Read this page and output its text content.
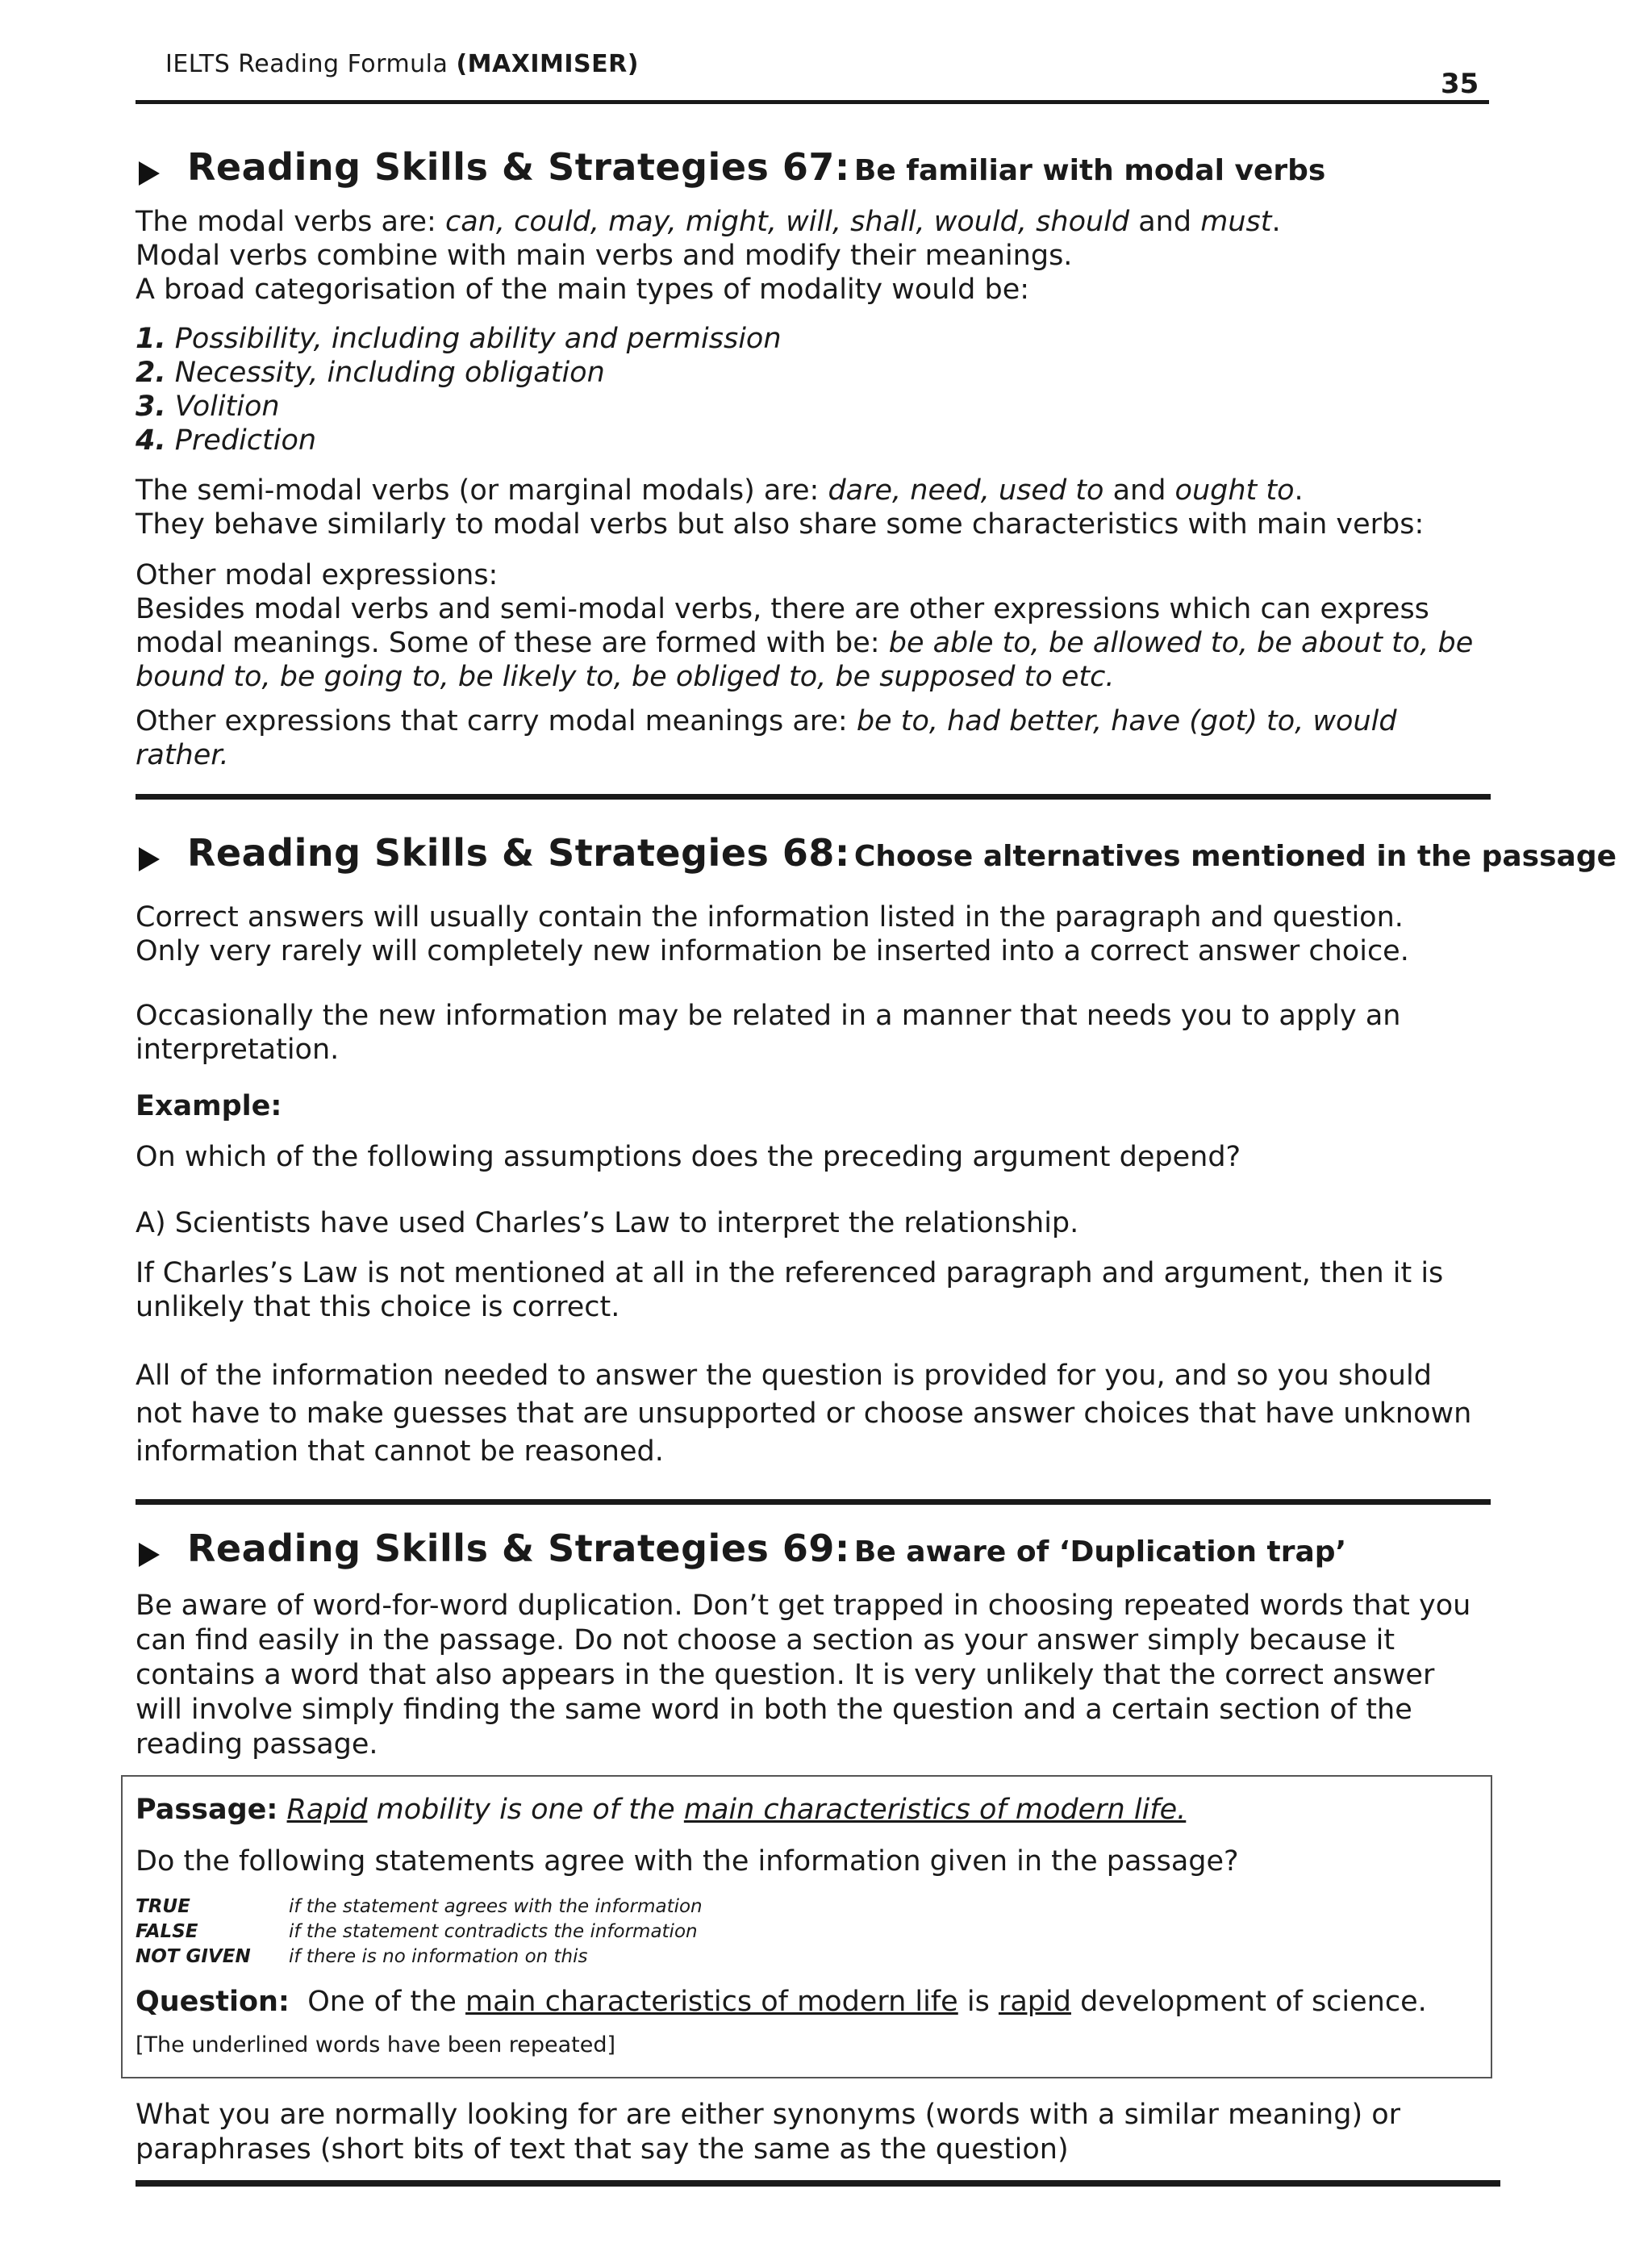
IELTS Reading Formula (MAXIMISER)
35
Reading Skills & Strategies 67: Be familiar with modal verbs
The modal verbs are: can, could, may, might, will, shall, would, should and must.
Modal verbs combine with main verbs and modify their meanings.
A broad categorisation of the main types of modality would be:
1. Possibility, including ability and permission
2. Necessity, including obligation
3. Volition
4. Prediction
The semi-modal verbs (or marginal modals) are: dare, need, used to and ought to.
They behave similarly to modal verbs but also share some characteristics with main verbs:
Other modal expressions:
Besides modal verbs and semi-modal verbs, there are other expressions which can express
modal meanings. Some of these are formed with be: be able to, be allowed to, be about to, be
bound to, be going to, be likely to, be obliged to, be supposed to etc.
Other expressions that carry modal meanings are: be to, had better, have (got) to, would
rather.
Reading Skills & Strategies 68: Choose alternatives mentioned in the passage
Correct answers will usually contain the information listed in the paragraph and question.
Only very rarely will completely new information be inserted into a correct answer choice.
Occasionally the new information may be related in a manner that needs you to apply an
interpretation.
Example:
On which of the following assumptions does the preceding argument depend?
A) Scientists have used Charles’s Law to interpret the relationship.
If Charles’s Law is not mentioned at all in the referenced paragraph and argument, then it is
unlikely that this choice is correct.
All of the information needed to answer the question is provided for you, and so you should
not have to make guesses that are unsupported or choose answer choices that have unknown
information that cannot be reasoned.
Reading Skills & Strategies 69: Be aware of ‘Duplication trap’
Be aware of word-for-word duplication. Don’t get trapped in choosing repeated words that you
can find easily in the passage. Do not choose a section as your answer simply because it
contains a word that also appears in the question. It is very unlikely that the correct answer
will involve simply finding the same word in both the question and a certain section of the
reading passage.
Passage: Rapid mobility is one of the main characteristics of modern life.
Do the following statements agree with the information given in the passage?
TRUE	if the statement agrees with the information
FALSE	if the statement contradicts the information
NOT GIVEN if there is no information on this
Question: One of the main characteristics of modern life is rapid development of science.
[The underlined words have been repeated]
What you are normally looking for are either synonyms (words with a similar meaning) or
paraphrases (short bits of text that say the same as the question)
